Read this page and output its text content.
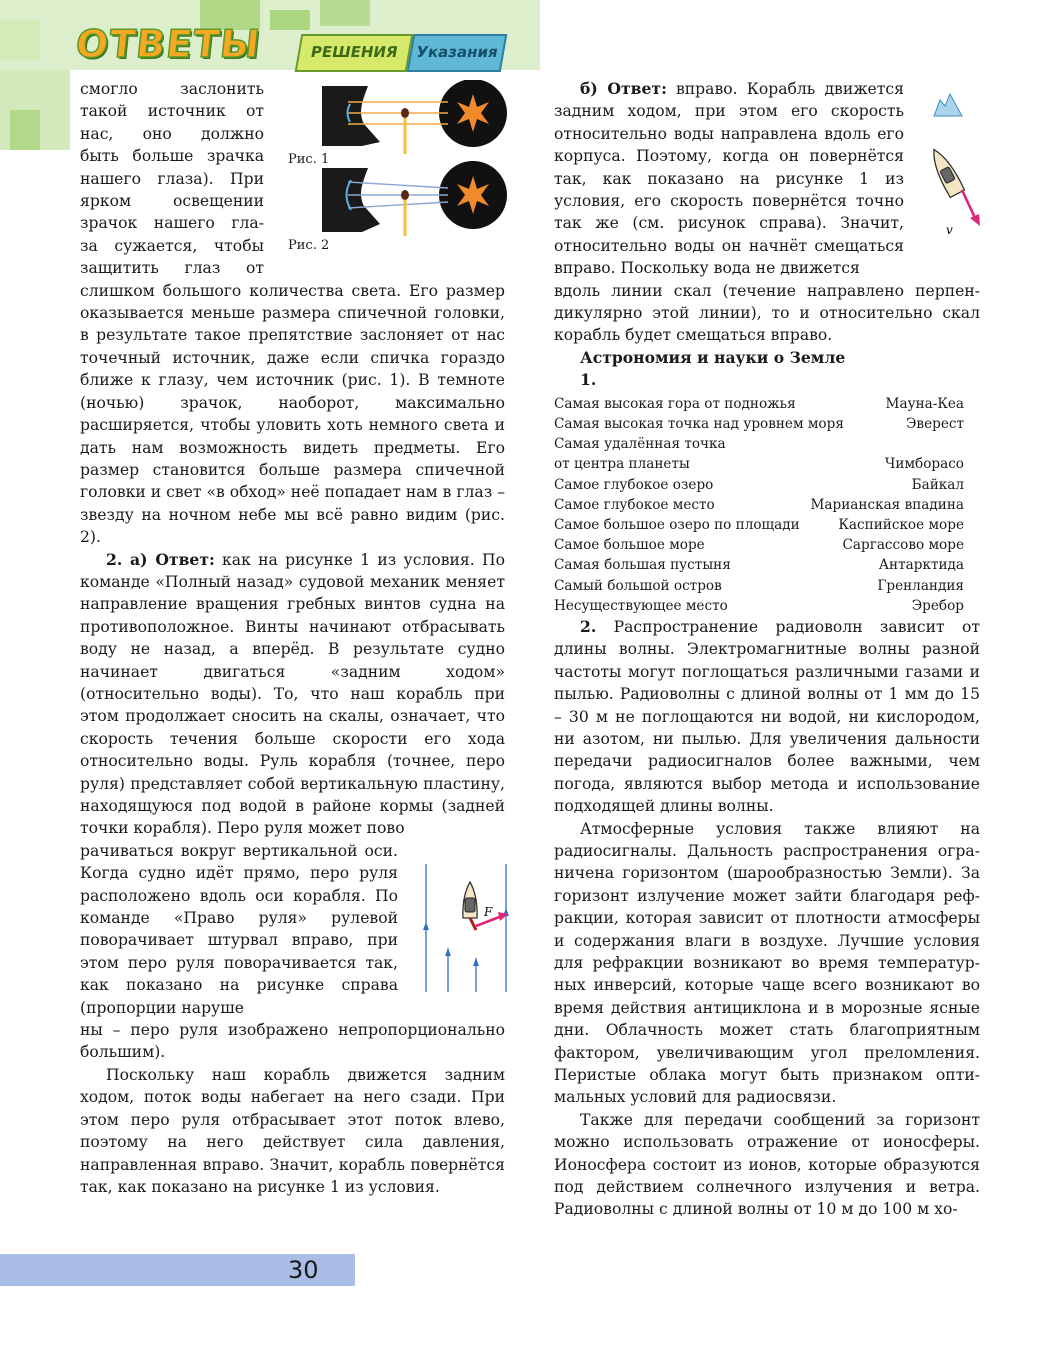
ОТВЕТЫ	РЕШЕНИЯ	Указания
смогло заслонить
такой источник от
нас, оно должно
быть больше зрачка
нашего глаза). При
ярком освещении
зрачок нашего гла-
за сужается, чтобы
защитить глаз от

слишком большого количества света. Его размер оказывается меньше размера спичечной головки, в результате такое препятствие заслоняет от нас точечный источник, даже если спичка гораздо ближе к глазу, чем источник (рис. 1). В темноте (ночью) зрачок, наоборот, максимально расширяется, чтобы уловить хоть немного света и дать нам возможность видеть предметы. Его размер становится больше размера спичечной головки и свет «в обход» неё попадает нам в глаз – звезду на ночном небе мы всё равно видим (рис. 2).

2. а) Ответ: как на рисунке 1 из условия. По команде «Полный назад» судовой механик меняет направление вращения гребных винтов судна на противоположное. Винты начинают отбрасывать воду не назад, а вперёд. В результате судно начинает двигаться «задним ходом» (относительно воды). То, что наш корабль при этом продолжает сносить на скалы, означает, что скорость течения больше скорости его хода относительно воды. Руль корабля (точнее, перо руля) представляет собой вертикальную пластину, находящуюся под водой в районе кормы (задней точки корабля). Перо руля может пово

рачиваться вокруг вертикальной оси. Когда судно идёт прямо, перо руля расположено вдоль оси корабля. По команде «Право руля» рулевой поворачивает штурвал вправо, при этом перо руля поворачивается так, как показано на рисунке справа (пропорции наруше

ны – перо руля изображено непропорционально большим).

Поскольку наш корабль движется задним ходом, поток воды набегает на него сзади. При этом перо руля отбрасывает этот поток влево, поэтому на него действует сила давления, направленная вправо. Значит, корабль повернётся так, как показано на рисунке 1 из условия.

Рис. 1
Рис. 2
F
v

б) Ответ: вправо. Корабль движется задним ходом, при этом его скорость относительно воды направлена вдоль его корпуса. Поэтому, когда он повернётся так, как показано на рисунке 1 из условия, его скорость повернётся точно так же (см. рисунок справа). Значит, относительно воды он начнёт смещаться вправо. Поскольку вода не движется

вдоль линии скал (течение направлено перпендикулярно этой линии), то и относительно скал корабль будет смещаться вправо.

Астрономия и науки о Земле

1.

Самая высокая гора от подножья	Мауна-Кеа
Самая высокая точка над уровнем моря	Эверест
Самая удалённая точка
от центра планеты	Чимборасо
Самое глубокое озеро	Байкал
Самое глубокое место	Марианская впадина
Самое большое озеро по площади	Каспийское море
Самое большое море	Саргассово море
Самая большая пустыня	Антарктида
Самый большой остров	Гренландия
Несуществующее место	Эребор

2. Распространение радиоволн зависит от длины волны. Электромагнитные волны разной частоты могут поглощаться различными газами и пылью. Радиоволны с длиной волны от 1 мм до 15 – 30 м не поглощаются ни водой, ни кислородом, ни азотом, ни пылью. Для увеличения дальности передачи радиосигналов более важными, чем погода, являются выбор метода и использование подходящей длины волны.

Атмосферные условия также влияют на радиосигналы. Дальность распространения ограничена горизонтом (шарообразностью Земли). За горизонт излучение может зайти благодаря рефракции, которая зависит от плотности атмосферы и содержания влаги в воздухе. Лучшие условия для рефракции возникают во время температурных инверсий, которые чаще всего возникают во время действия антициклона и в морозные ясные дни. Облачность может стать благоприятным фактором, увеличивающим угол преломления. Перистые облака могут быть признаком оптимальных условий для радиосвязи.

Также для передачи сообщений за горизонт можно использовать отражение от ионосферы. Ионосфера состоит из ионов, которые образуются под действием солнечного излучения и ветра. Радиоволны с длиной волны от 10 м до 100 м хо-

30
